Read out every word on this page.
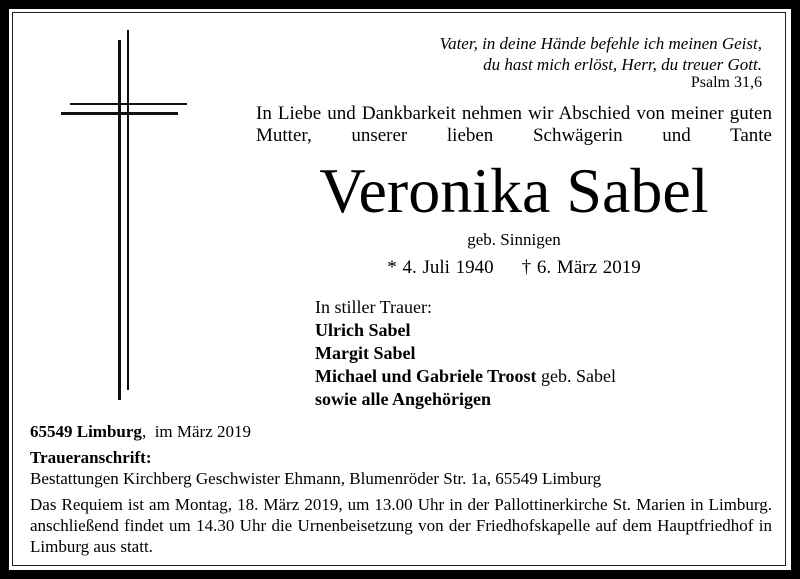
Vater, in deine Hände befehle ich meinen Geist,
du hast mich erlöst, Herr, du treuer Gott.
Psalm 31,6
In Liebe und Dankbarkeit nehmen wir Abschied von meiner guten Mutter, unserer lieben Schwägerin und Tante
Veronika Sabel
geb. Sinnigen
* 4. Juli 1940 † 6. März 2019
In stiller Trauer:
Ulrich Sabel
Margit Sabel
Michael und Gabriele Troost geb. Sabel
sowie alle Angehörigen
65549 Limburg,  im März 2019
Traueranschrift:
Bestattungen Kirchberg Geschwister Ehmann, Blumenröder Str. 1a, 65549 Limburg
Das Requiem ist am Montag, 18. März 2019, um 13.00 Uhr in der Pallottinerkirche St. Marien in Limburg. anschließend findet um 14.30 Uhr die Urnenbeisetzung von der Friedhofskapelle auf dem Hauptfriedhof in Limburg aus statt.
